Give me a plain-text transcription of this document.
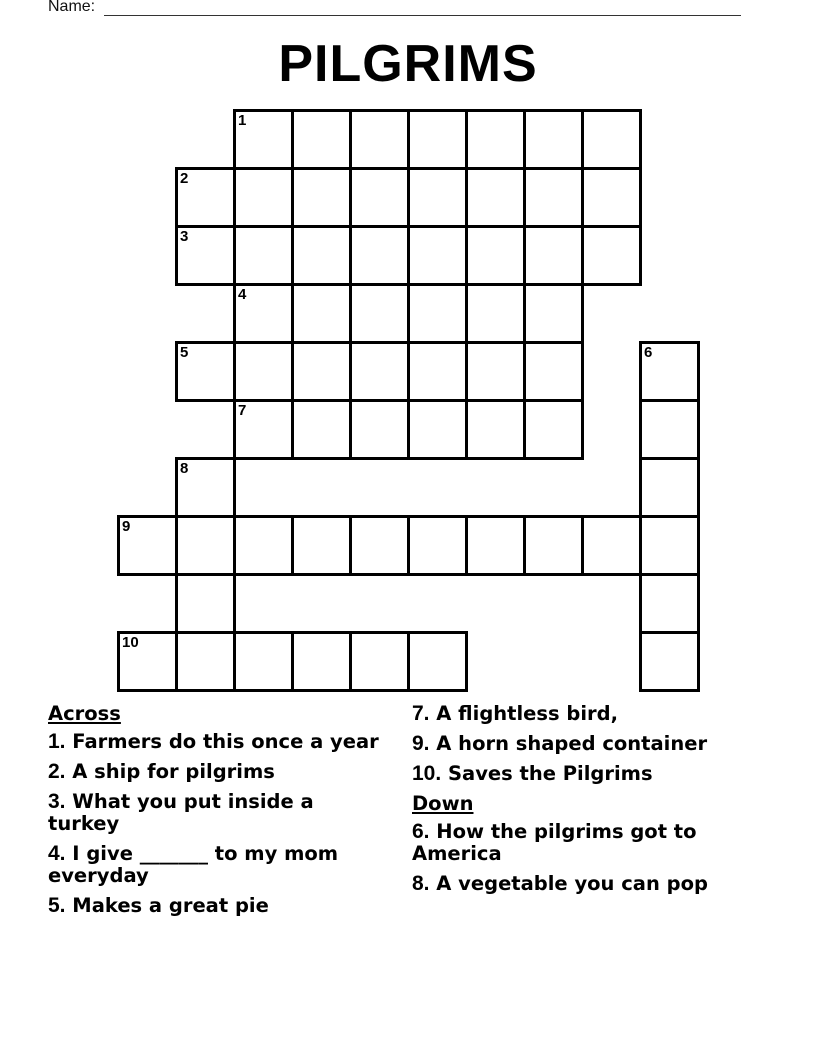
Name:
PILGRIMS
1
2
3
4
5	6
7
8
9
10
Across
1. Farmers do this once a year
2. A ship for pilgrims
3. What you put inside a turkey
4. I give _______ to my mom everyday
5. Makes a great pie
7. A flightless bird,
9. A horn shaped container
10. Saves the Pilgrims
Down
6. How the pilgrims got to America
8. A vegetable you can pop
